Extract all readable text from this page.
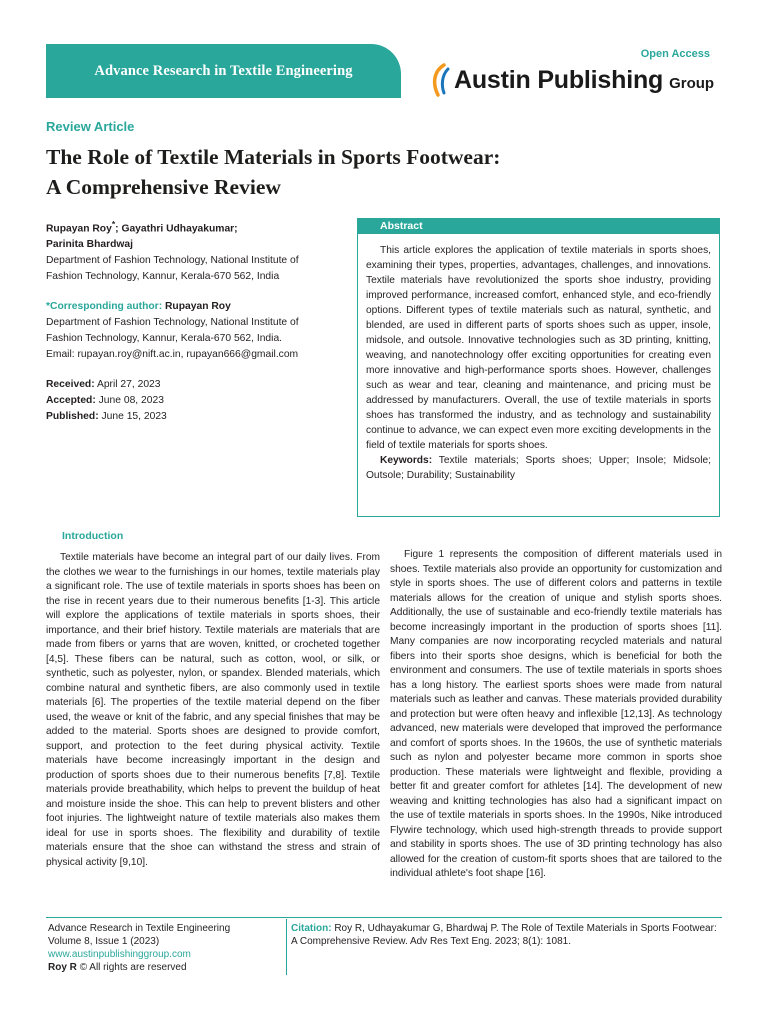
Advance Research in Textile Engineering
Open Access
Austin Publishing Group
Review Article
The Role of Textile Materials in Sports Footwear:
A Comprehensive Review

Rupayan Roy*; Gayathri Udhayakumar;
Parinita Bhardwaj

Department of Fashion Technology, National Institute of
Fashion Technology, Kannur, Kerala-670 562, India

*Corresponding author: Rupayan Roy
Department of Fashion Technology, National Institute of
Fashion Technology, Kannur, Kerala-670 562, India.
Email: rupayan.roy@nift.ac.in, rupayan666@gmail.com

Received: April 27, 2023
Accepted: June 08, 2023
Published: June 15, 2023

Abstract

This article explores the application of textile materials in sports shoes, examining their types, properties, advantages, challenges, and innovations. Textile materials have revolutionized the sports shoe industry, providing improved performance, increased comfort, enhanced style, and eco-friendly options. Different types of textile materials such as natural, synthetic, and blended, are used in different parts of sports shoes such as upper, insole, midsole, and outsole. Innovative technologies such as 3D printing, knitting, weaving, and nanotechnology offer exciting opportunities for creating even more innovative and high-performance sports shoes. However, challenges such as wear and tear, cleaning and maintenance, and pricing must be addressed by manufacturers. Overall, the use of textile materials in sports shoes has transformed the industry, and as technology and sustainability continue to advance, we can expect even more exciting developments in the field of textile materials for sports shoes.

Keywords: Textile materials; Sports shoes; Upper; Insole; Midsole; Outsole; Durability; Sustainability

Introduction

Textile materials have become an integral part of our daily lives. From the clothes we wear to the furnishings in our homes, textile materials play a significant role. The use of textile materials in sports shoes has been on the rise in recent years due to their numerous benefits [1-3]. This article will explore the applications of textile materials in sports shoes, their importance, and their brief history. Textile materials are materials that are made from fibers or yarns that are woven, knitted, or crocheted together [4,5]. These fibers can be natural, such as cotton, wool, or silk, or synthetic, such as polyester, nylon, or spandex. Blended materials, which combine natural and synthetic fibers, are also commonly used in textile materials [6]. The properties of the textile material depend on the fiber used, the weave or knit of the fabric, and any special finishes that may be added to the material. Sports shoes are designed to provide comfort, support, and protection to the feet during physical activity. Textile materials have become increasingly important in the design and production of sports shoes due to their numerous benefits [7,8]. Textile materials provide breathability, which helps to prevent the buildup of heat and moisture inside the shoe. This can help to prevent blisters and other foot injuries. The lightweight nature of textile materials also makes them ideal for use in sports shoes. The flexibility and durability of textile materials ensure that the shoe can withstand the stress and strain of physical activity [9,10].

Figure 1 represents the composition of different materials used in shoes. Textile materials also provide an opportunity for customization and style in sports shoes. The use of different colors and patterns in textile materials allows for the creation of unique and stylish sports shoes. Additionally, the use of sustainable and eco-friendly textile materials has become increasingly important in the production of sports shoes [11]. Many companies are now incorporating recycled materials and natural fibers into their sports shoe designs, which is beneficial for both the environment and consumers. The use of textile materials in sports shoes has a long history. The earliest sports shoes were made from natural materials such as leather and canvas. These materials provided durability and protection but were often heavy and inflexible [12,13]. As technology advanced, new materials were developed that improved the performance and comfort of sports shoes. In the 1960s, the use of synthetic materials such as nylon and polyester became more common in sports shoe production. These materials were lightweight and flexible, providing a better fit and greater comfort for athletes [14]. The development of new weaving and knitting technologies has also had a significant impact on the use of textile materials in sports shoes. In the 1990s, Nike introduced Flywire technology, which used high-strength threads to provide support and stability in sports shoes. The use of 3D printing technology has also allowed for the creation of custom-fit sports shoes that are tailored to the individual athlete's foot shape [16].

Advance Research in Textile Engineering
Volume 8, Issue 1 (2023)
www.austinpublishinggroup.com
Roy R © All rights are reserved
Citation: Roy R, Udhayakumar G, Bhardwaj P. The Role of Textile Materials in Sports Footwear: A Comprehensive Review. Adv Res Text Eng. 2023; 8(1): 1081.
